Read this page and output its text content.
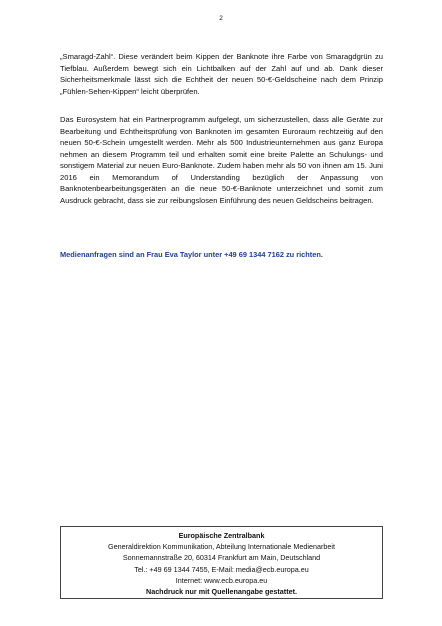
2

„Smaragd-Zahl“. Diese verändert beim Kippen der Banknote ihre Farbe von Smaragdgrün zu Tiefblau. Außerdem bewegt sich ein Lichtbalken auf der Zahl auf und ab. Dank dieser Sicherheitsmerkmale lässt sich die Echtheit der neuen 50-€-Geldscheine nach dem Prinzip „Fühlen-Sehen-Kippen“ leicht überprüfen.

Das Eurosystem hat ein Partnerprogramm aufgelegt, um sicherzustellen, dass alle Geräte zur Bearbeitung und Echtheitsprüfung von Banknoten im gesamten Euroraum rechtzeitig auf den neuen 50-€-Schein umgestellt werden. Mehr als 500 Industrieunternehmen aus ganz Europa nehmen an diesem Programm teil und erhalten somit eine breite Palette an Schulungs- und sonstigem Material zur neuen Euro-Banknote. Zudem haben mehr als 50 von ihnen am 15. Juni 2016 ein Memorandum of Understanding bezüglich der Anpassung von Banknotenbearbeitungsgeräten an die neue 50-€-Banknote unterzeichnet und somit zum Ausdruck gebracht, dass sie zur reibungslosen Einführung des neuen Geldscheins beitragen.

Medienanfragen sind an Frau Eva Taylor unter +49 69 1344 7162 zu richten.

Europäische Zentralbank
Generaldirektion Kommunikation, Abteilung Internationale Medienarbeit
Sonnemannstraße 20, 60314 Frankfurt am Main, Deutschland
Tel.: +49 69 1344 7455, E-Mail: media@ecb.europa.eu
Internet: www.ecb.europa.eu
Nachdruck nur mit Quellenangabe gestattet.
